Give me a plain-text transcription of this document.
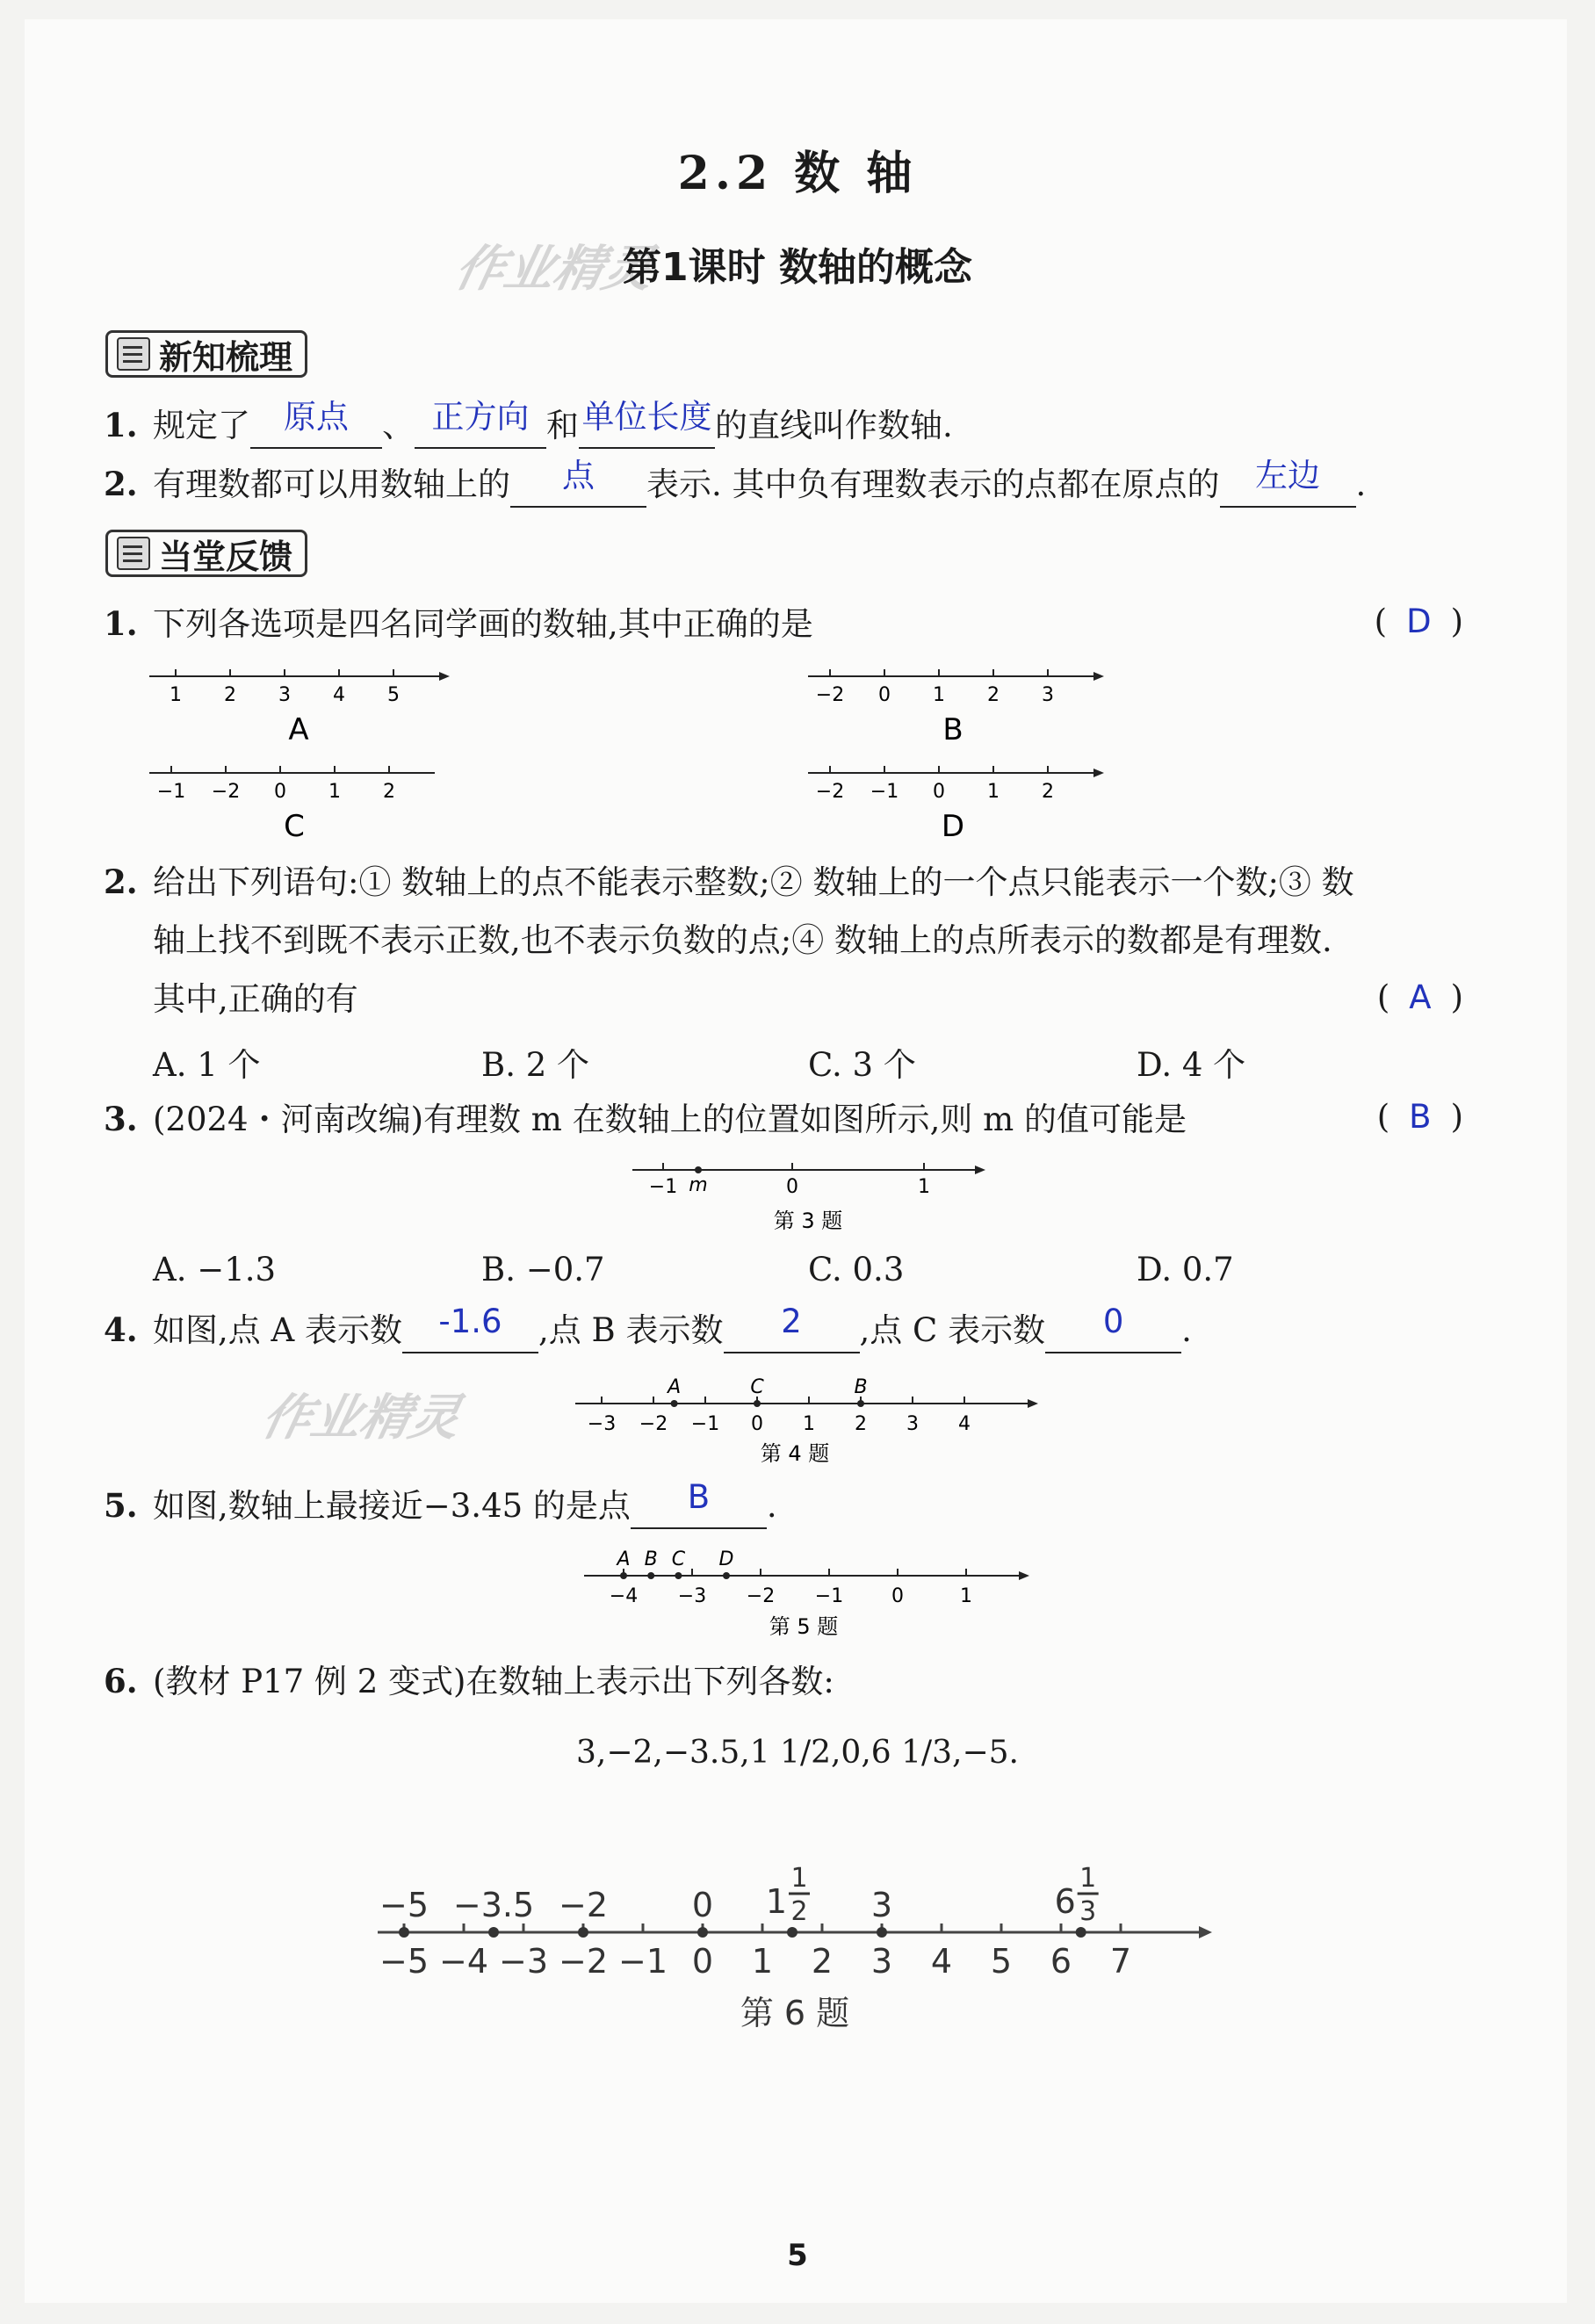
2.2 数 轴
作业精灵
第1课时 数轴的概念
新知梳理
1. 规定了 原点 、 正方向 和单位长度的直线叫作数轴.
2. 有理数都可以用数轴上的 点 表示. 其中负有理数表示的点都在原点的 左边 .
当堂反馈
1. 下列各选项是四名同学画的数轴,其中正确的是	( D )
1 2 3 4 5
A
−2 0 1 2 3
B
−1 −2 0 1 2
C
−2 −1 0 1 2
D
2. 给出下列语句:① 数轴上的点不能表示整数;② 数轴上的一个点只能表示一个数;③ 数
轴上找不到既不表示正数,也不表示负数的点;④ 数轴上的点所表示的数都是有理数.
其中,正确的有	( A )
A. 1 个	B. 2 个	C. 3 个	D. 4 个
3. (2024・河南改编)有理数 m 在数轴上的位置如图所示,则 m 的值可能是	( B )
−1	0	1
m
第 3 题
A. −1.3	B. −0.7	C. 0.3	D. 0.7
4. 如图,点 A 表示数 -1.6 ,点 B 表示数 2 ,点 C 表示数 0 .
作业精灵
第 4 题
−3 −2 −1 0 1 2 3 4
A	C	B
5. 如图,数轴上最接近−3.45 的是点 B .
第 5 题
−4 −3 −2 −1 0	1
A B C D
6. (教材 P17 例 2 变式)在数轴上表示出下列各数:
3,−2,−3.5,1 1/2,0,6 1/3,−5.
第 6 题
−5 −4 −3 −2 −1 0 1 2 3 4 5 6 7
−5 −3.5 −2	0	3
1
1
2	6
1
3
5
